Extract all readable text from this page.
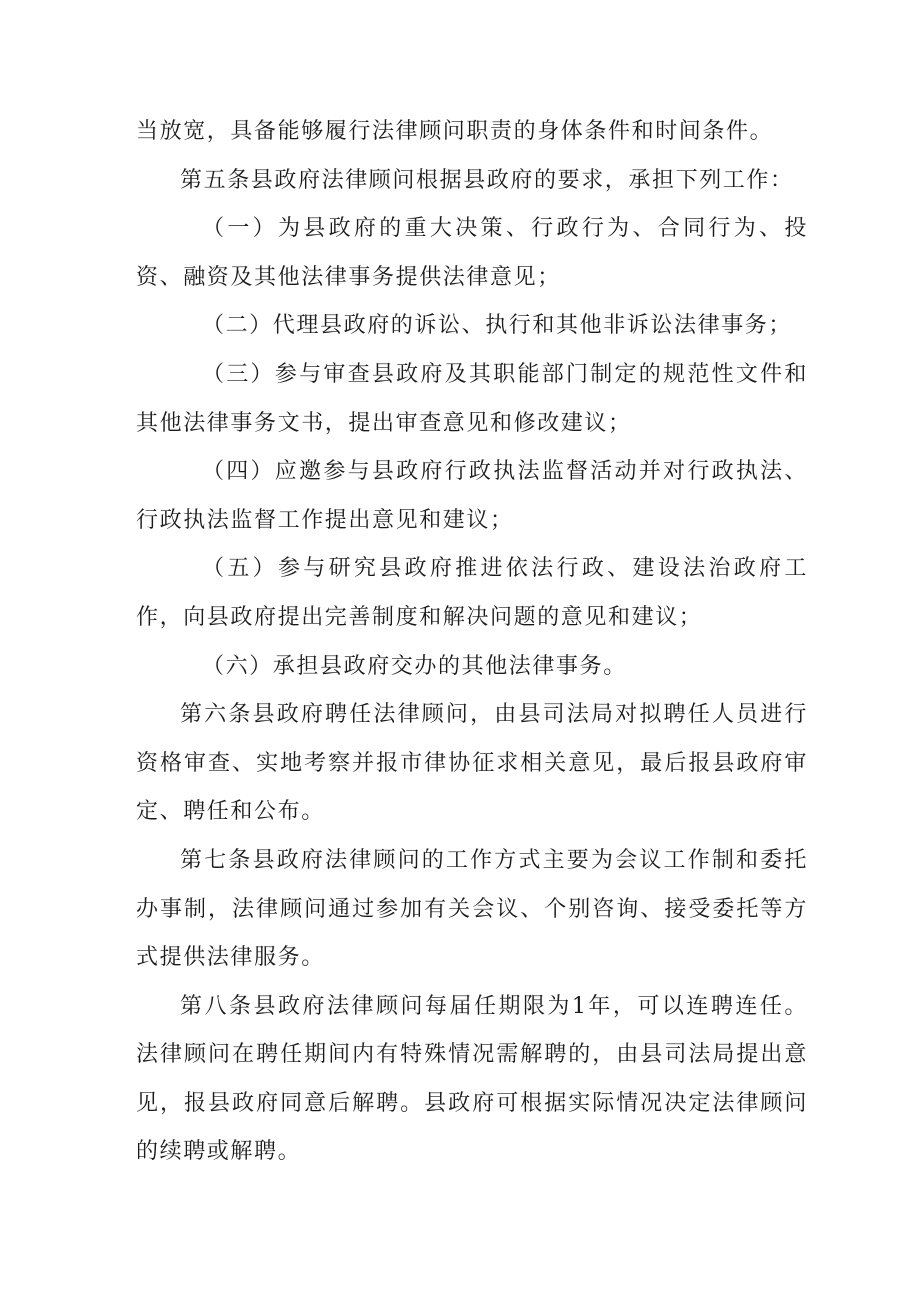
当放宽，具备能够履行法律顾问职责的身体条件和时间条件。

第五条县政府法律顾问根据县政府的要求，承担下列工作：

（一）为县政府的重大决策、行政行为、合同行为、投资、融资及其他法律事务提供法律意见；

（二）代理县政府的诉讼、执行和其他非诉讼法律事务；

（三）参与审查县政府及其职能部门制定的规范性文件和其他法律事务文书，提出审查意见和修改建议；

（四）应邀参与县政府行政执法监督活动并对行政执法、行政执法监督工作提出意见和建议；

（五）参与研究县政府推进依法行政、建设法治政府工作，向县政府提出完善制度和解决问题的意见和建议；

（六）承担县政府交办的其他法律事务。

第六条县政府聘任法律顾问，由县司法局对拟聘任人员进行资格审查、实地考察并报市律协征求相关意见，最后报县政府审定、聘任和公布。

第七条县政府法律顾问的工作方式主要为会议工作制和委托办事制，法律顾问通过参加有关会议、个别咨询、接受委托等方式提供法律服务。

第八条县政府法律顾问每届任期限为1年，可以连聘连任。法律顾问在聘任期间内有特殊情况需解聘的，由县司法局提出意见，报县政府同意后解聘。县政府可根据实际情况决定法律顾问的续聘或解聘。
